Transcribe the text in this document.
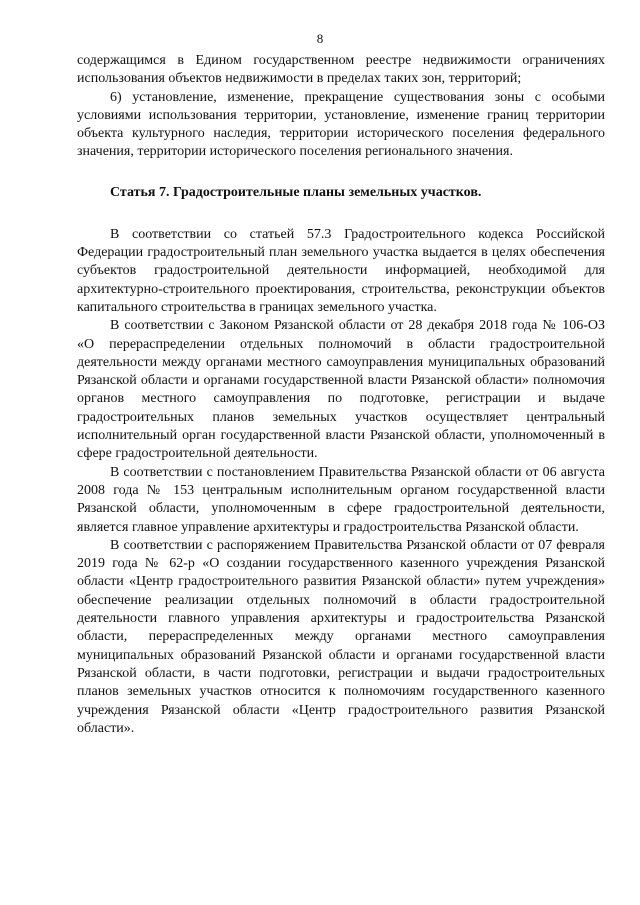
8

содержащимся в Едином государственном реестре недвижимости ограничениях использования объектов недвижимости в пределах таких зон, территорий;

6) установление, изменение, прекращение существования зоны с особыми условиями использования территории, установление, изменение границ территории объекта культурного наследия, территории исторического поселения федерального значения, территории исторического поселения регионального значения.

Статья 7. Градостроительные планы земельных участков.

В соответствии со статьей 57.3 Градостроительного кодекса Российской Федерации градостроительный план земельного участка выдается в целях обеспечения субъектов градостроительной деятельности информацией, необходимой для архитектурно-строительного проектирования, строительства, реконструкции объектов капитального строительства в границах земельного участка.

В соответствии с Законом Рязанской области от 28 декабря 2018 года № 106-ОЗ «О перераспределении отдельных полномочий в области градостроительной деятельности между органами местного самоуправления муниципальных образований Рязанской области и органами государственной власти Рязанской области» полномочия органов местного самоуправления по подготовке, регистрации и выдаче градостроительных планов земельных участков осуществляет центральный исполнительный орган государственной власти Рязанской области, уполномоченный в сфере градостроительной деятельности.

В соответствии с постановлением Правительства Рязанской области от 06 августа 2008 года № 153 центральным исполнительным органом государственной власти Рязанской области, уполномоченным в сфере градостроительной деятельности, является главное управление архитектуры и градостроительства Рязанской области.

В соответствии с распоряжением Правительства Рязанской области от 07 февраля 2019 года № 62-р «О создании государственного казенного учреждения Рязанской области «Центр градостроительного развития Рязанской области» путем учреждения» обеспечение реализации отдельных полномочий в области градостроительной деятельности главного управления архитектуры и градостроительства Рязанской области, перераспределенных между органами местного самоуправления муниципальных образований Рязанской области и органами государственной власти Рязанской области, в части подготовки, регистрации и выдачи градостроительных планов земельных участков относится к полномочиям государственного казенного учреждения Рязанской области «Центр градостроительного развития Рязанской области».
